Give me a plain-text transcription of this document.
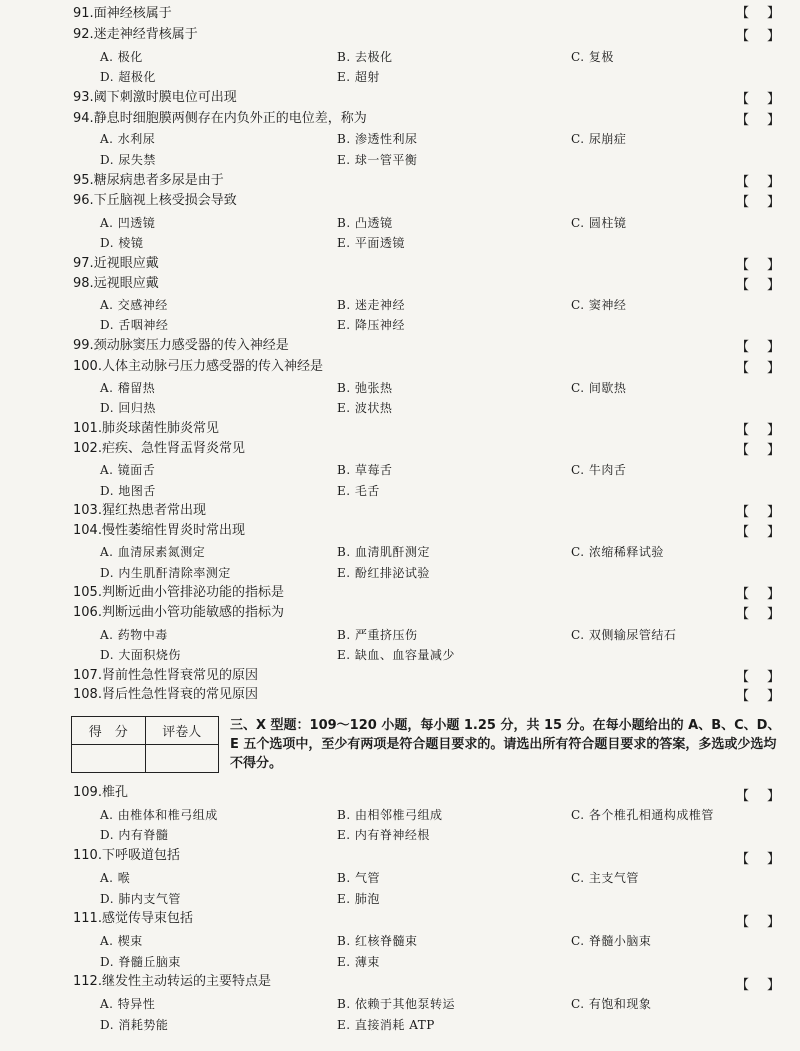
91.面神经核属于	【 】
92.迷走神经背核属于	【 】
A. 极化	B. 去极化	C. 复极
D. 超极化	E. 超射
93.阈下刺激时膜电位可出现	【 】
94.静息时细胞膜两侧存在内负外正的电位差，称为	【 】
A. 水利尿	B. 渗透性利尿	C. 尿崩症
D. 尿失禁	E. 球一管平衡
95.糖尿病患者多尿是由于	【 】
96.下丘脑视上核受损会导致	【 】
A. 凹透镜	B. 凸透镜	C. 圆柱镜
D. 棱镜	E. 平面透镜
97.近视眼应戴	【 】
98.远视眼应戴	【 】
A. 交感神经	B. 迷走神经	C. 窦神经
D. 舌咽神经	E. 降压神经
99.颈动脉窦压力感受器的传入神经是	【 】
100.人体主动脉弓压力感受器的传入神经是	【 】
A. 稽留热	B. 弛张热	C. 间歇热
D. 回归热	E. 波状热
101.肺炎球菌性肺炎常见	【 】
102.疟疾、急性肾盂肾炎常见	【 】
A. 镜面舌	B. 草莓舌	C. 牛肉舌
D. 地图舌	E. 毛舌
103.猩红热患者常出现	【 】
104.慢性萎缩性胃炎时常出现	【 】
A. 血清尿素氮测定	B. 血清肌酐测定	C. 浓缩稀释试验
D. 内生肌酐清除率测定	E. 酚红排泌试验
105.判断近曲小管排泌功能的指标是	【 】
106.判断远曲小管功能敏感的指标为	【 】
A. 药物中毒	B. 严重挤压伤	C. 双侧输尿管结石
D. 大面积烧伤	E. 缺血、血容量减少
107.肾前性急性肾衰常见的原因	【 】
108.肾后性急性肾衰的常见原因	【 】
得　分	评卷人
	三、X 型题：109～120 小题，每小题 1.25 分，共 15 分。在每小题给出的 A、B、C、D、E 五个选项中，至少有两项是符合题目要求的。请选出所有符合题目要求的答案，多选或少选均不得分。
109.椎孔	【 】
A. 由椎体和椎弓组成	B. 由相邻椎弓组成	C. 各个椎孔相通构成椎管
D. 内有脊髓	E. 内有脊神经根
110.下呼吸道包括	【 】
A. 喉	B. 气管	C. 主支气管
D. 肺内支气管	E. 肺泡
111.感觉传导束包括	【 】
A. 楔束	B. 红核脊髓束	C. 脊髓小脑束
D. 脊髓丘脑束	E. 薄束
112.继发性主动转运的主要特点是	【 】
A. 特异性	B. 依赖于其他泵转运	C. 有饱和现象
D. 消耗势能	E. 直接消耗 ATP
